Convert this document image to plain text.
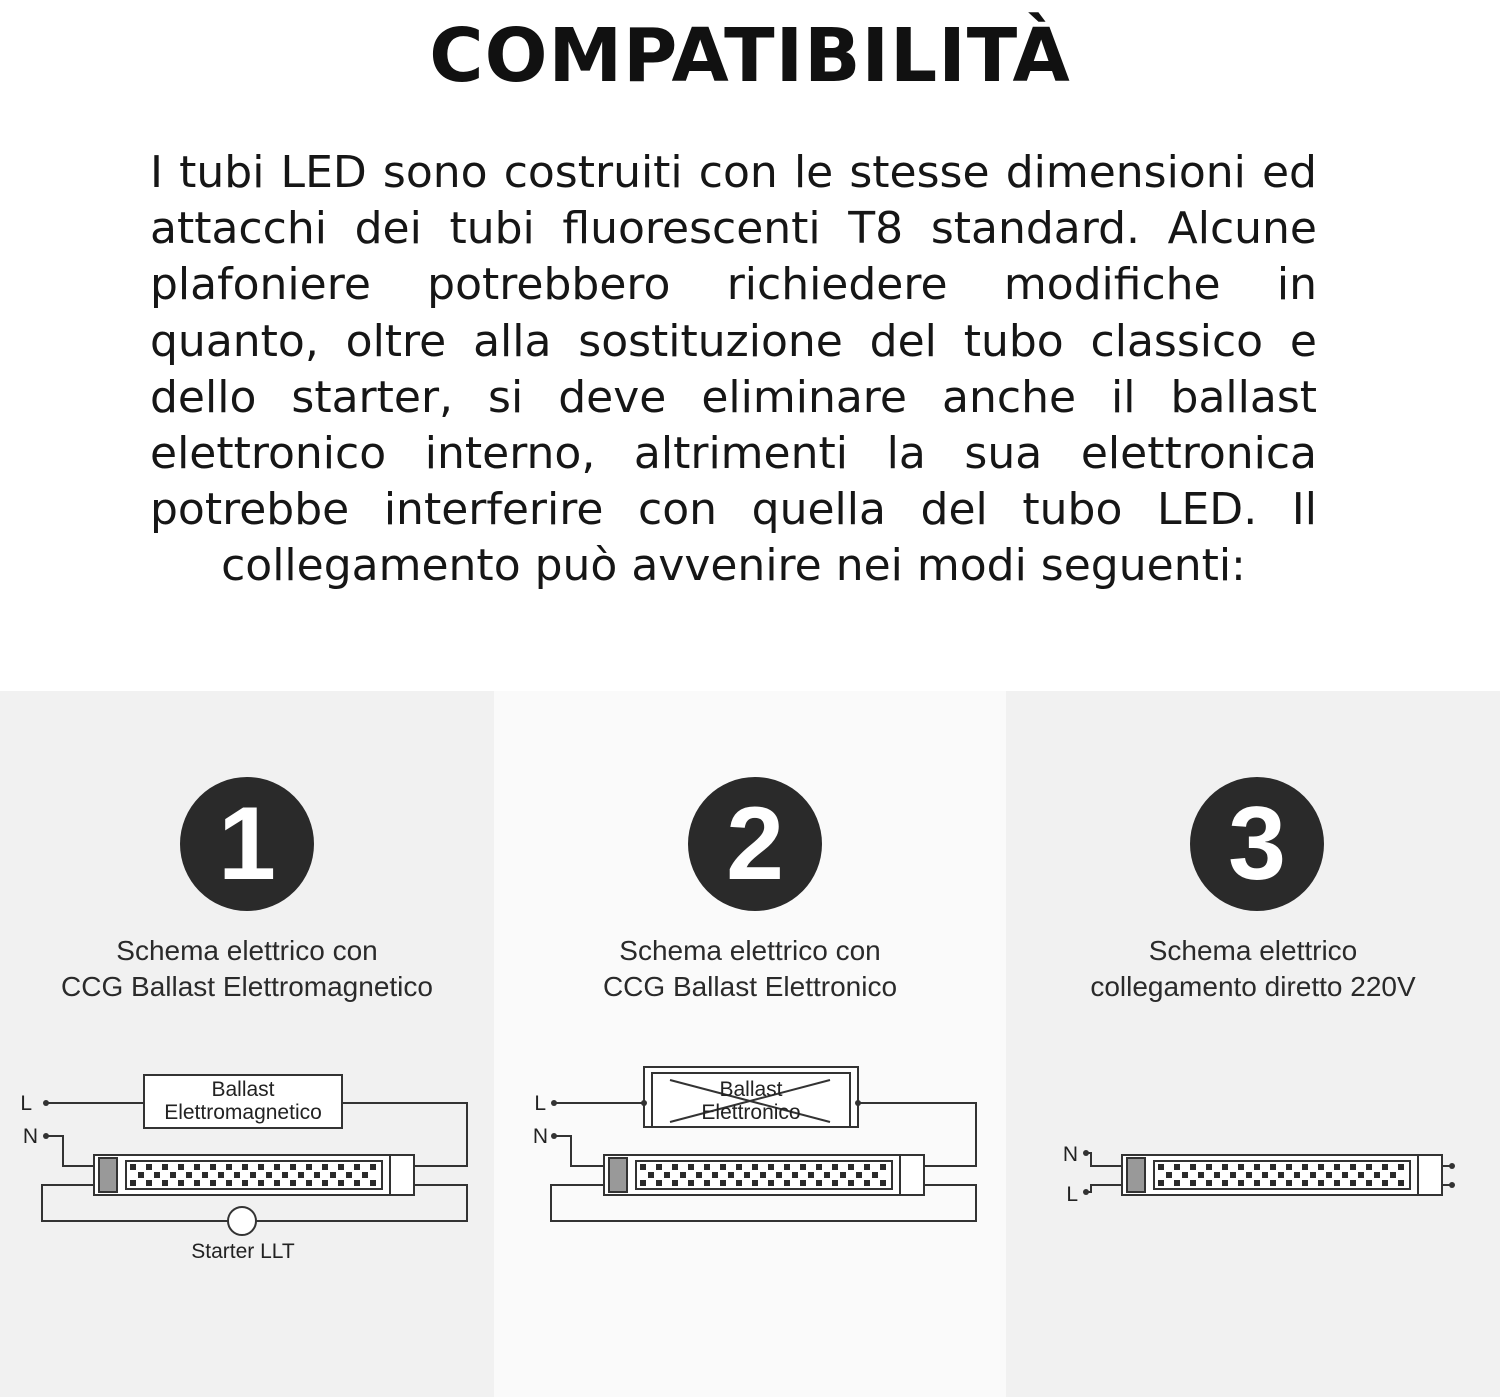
COMPATIBILITÀ
I tubi LED sono costruiti con le stesse dimensioni ed attacchi dei tubi fluorescenti T8 standard. Alcune plafoniere potrebbero richiedere modifiche in quanto, oltre alla sostituzione del tubo classico e dello starter, si deve eliminare anche il ballast elettronico interno, altrimenti la sua elettronica potrebbe interferire con quella del tubo LED. Il collegamento può avvenire nei modi seguenti:
1
Schema elettrico con
CCG Ballast Elettromagnetico
L
N
Ballast
Elettromagnetico
Starter LLT
2
Schema elettrico con
CCG Ballast Elettronico
L
N
Ballast
Elettronico
3
Schema elettrico
collegamento diretto 220V
N
L
